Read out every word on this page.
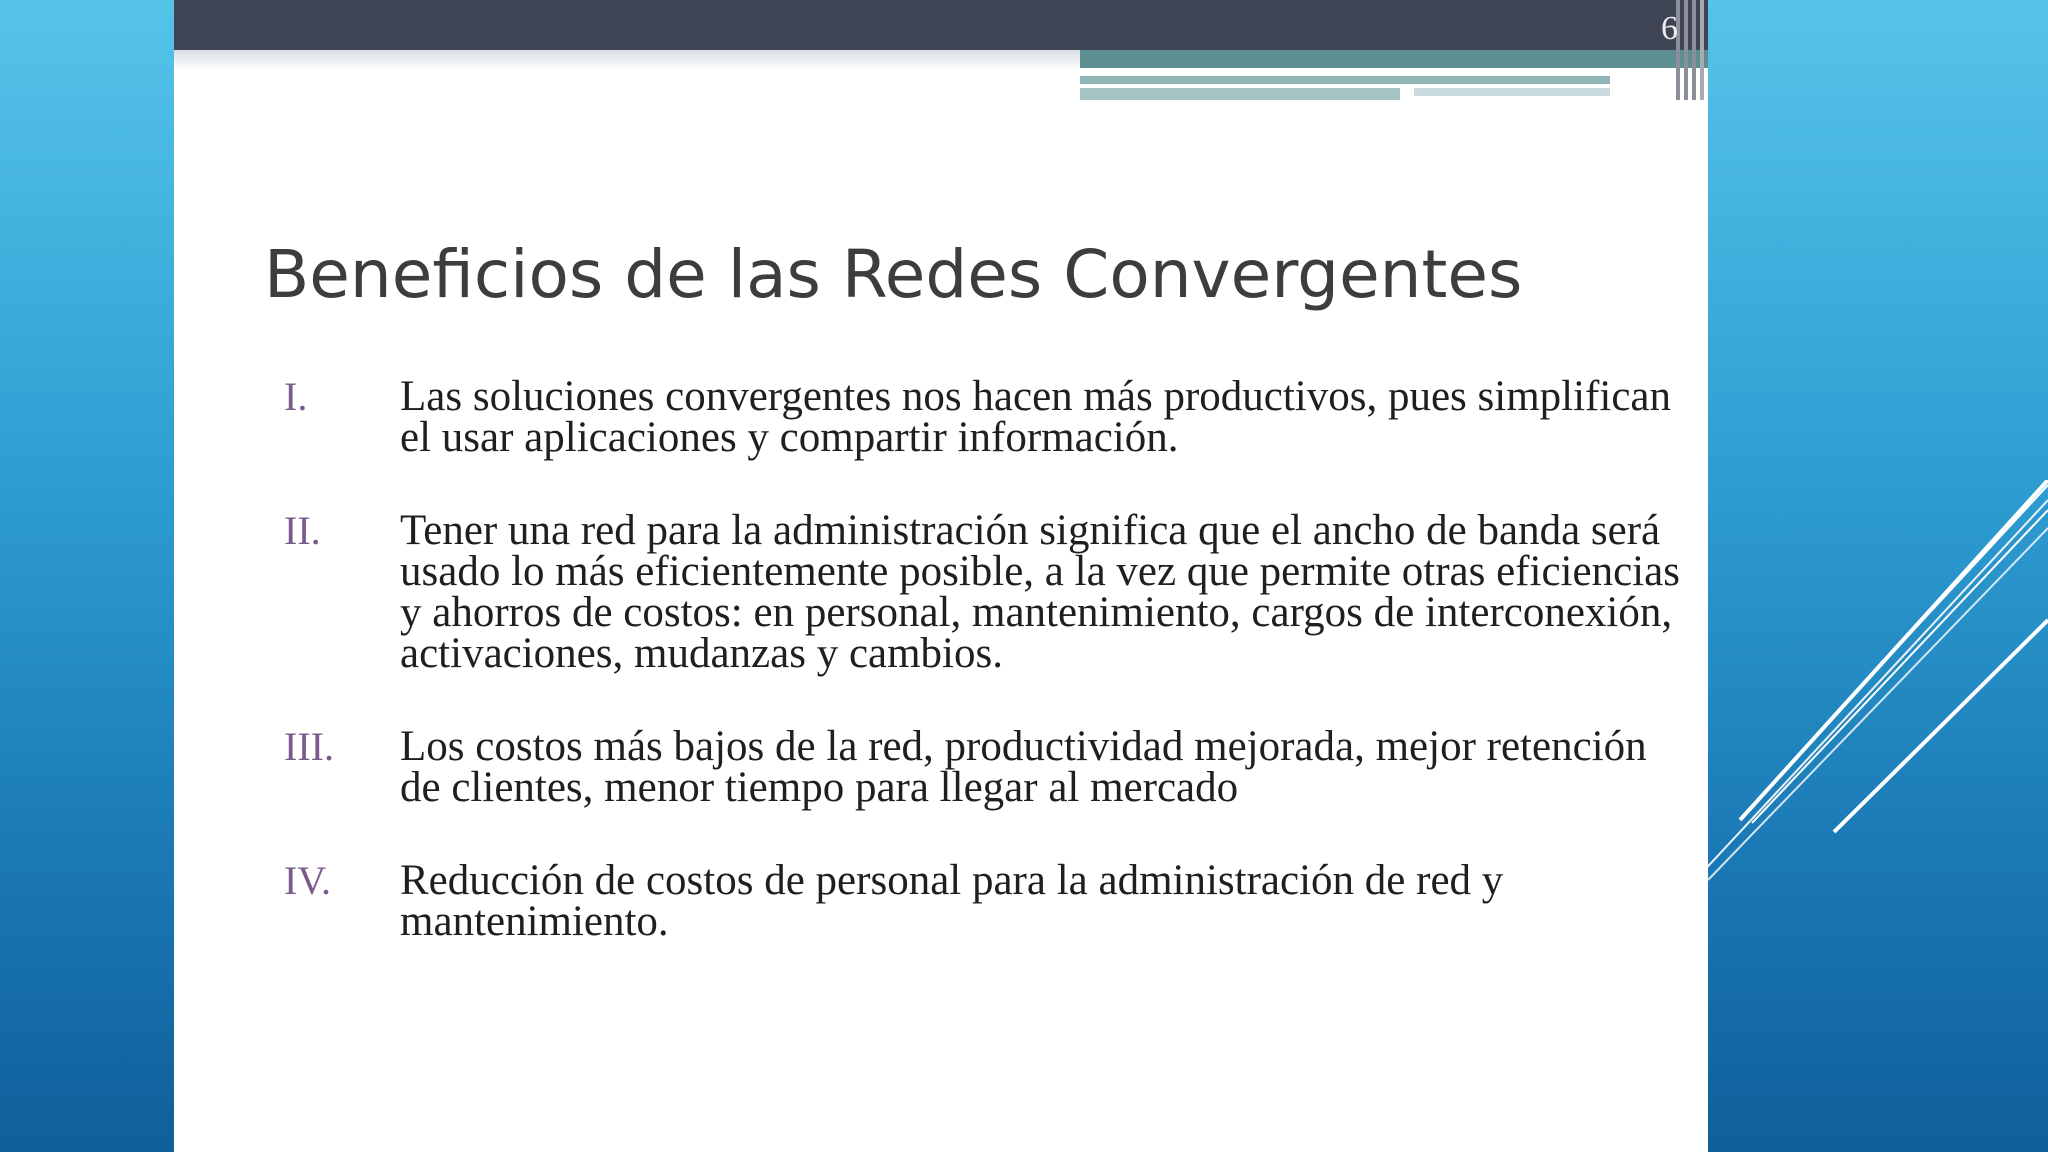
6
Beneficios de las Redes Convergentes
I.	Las soluciones convergentes nos hacen más productivos, pues simplifican el usar aplicaciones y compartir información.
II.	Tener una red para la administración significa que el ancho de banda será usado lo más eficientemente posible, a la vez que permite otras eficiencias y ahorros de costos: en personal, mantenimiento, cargos de interconexión, activaciones, mudanzas y cambios.
III.	Los costos más bajos de la red, productividad mejorada, mejor retención de clientes, menor tiempo para llegar al mercado
IV.	Reducción de costos de personal para la administración de red y mantenimiento.
